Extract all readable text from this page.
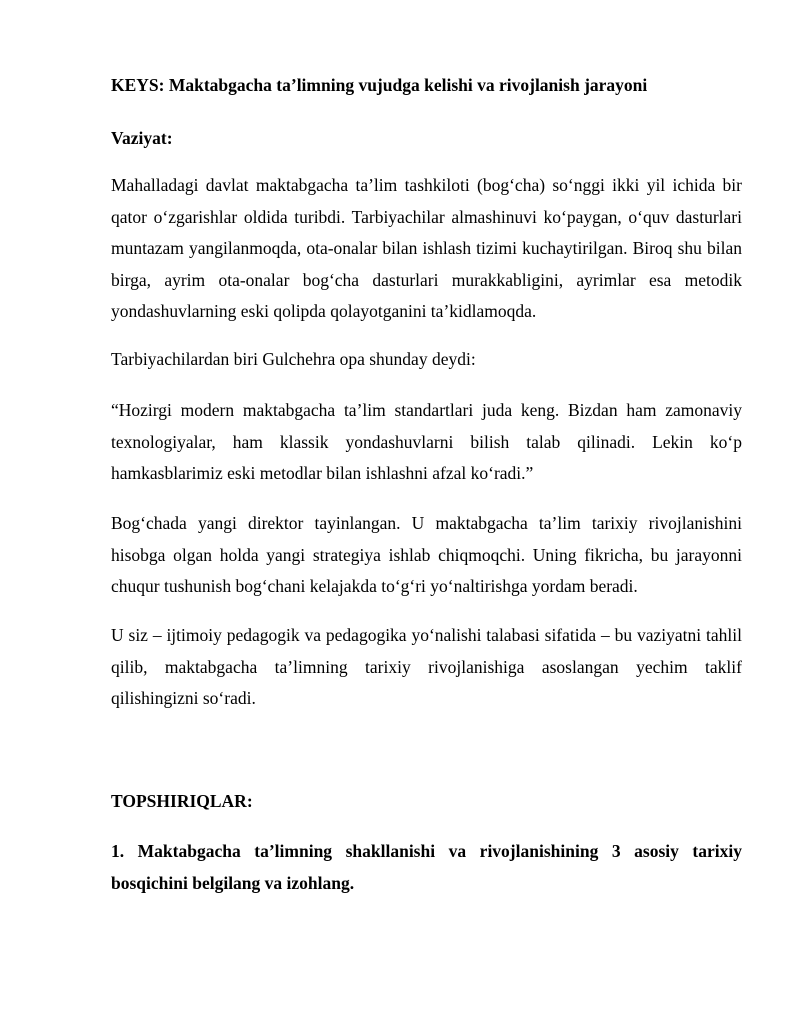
KEYS: Maktabgacha ta’limning vujudga kelishi va rivojlanish jarayoni

Vaziyat:

Mahalladagi davlat maktabgacha ta’lim tashkiloti (bog‘cha) so‘nggi ikki yil ichida bir qator o‘zgarishlar oldida turibdi. Tarbiyachilar almashinuvi ko‘paygan, o‘quv dasturlari muntazam yangilanmoqda, ota-onalar bilan ishlash tizimi kuchaytirilgan. Biroq shu bilan birga, ayrim ota-onalar bog‘cha dasturlari murakkabligini, ayrimlar esa metodik yondashuvlarning eski qolipda qolayotganini ta’kidlamoqda.

Tarbiyachilardan biri Gulchehra opa shunday deydi:

“Hozirgi modern maktabgacha ta’lim standartlari juda keng. Bizdan ham zamonaviy texnologiyalar, ham klassik yondashuvlarni bilish talab qilinadi. Lekin ko‘p hamkasblarimiz eski metodlar bilan ishlashni afzal ko‘radi.”

Bog‘chada yangi direktor tayinlangan. U maktabgacha ta’lim tarixiy rivojlanishini hisobga olgan holda yangi strategiya ishlab chiqmoqchi. Uning fikricha, bu jarayonni chuqur tushunish bog‘chani kelajakda to‘g‘ri yo‘naltirishga yordam beradi.

U siz – ijtimoiy pedagogik va pedagogika yo‘nalishi talabasi sifatida – bu vaziyatni tahlil qilib, maktabgacha ta’limning tarixiy rivojlanishiga asoslangan yechim taklif qilishingizni so‘radi.

TOPSHIRIQLAR:

1. Maktabgacha ta’limning shakllanishi va rivojlanishining 3 asosiy tarixiy bosqichini belgilang va izohlang.
